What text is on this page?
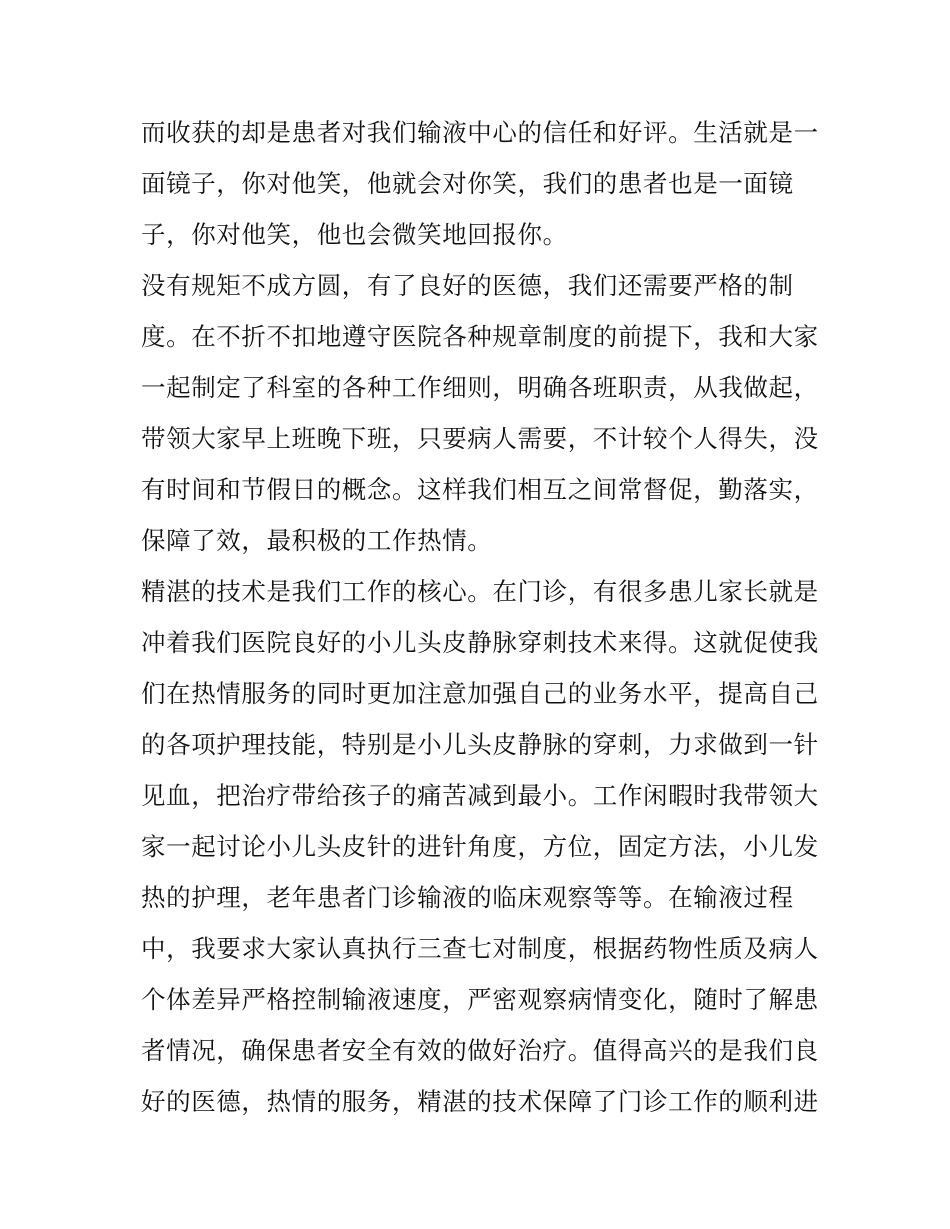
而收获的却是患者对我们输液中心的信任和好评。生活就是一
面镜子，你对他笑，他就会对你笑，我们的患者也是一面镜
子，你对他笑，他也会微笑地回报你。
没有规矩不成方圆，有了良好的医德，我们还需要严格的制
度。在不折不扣地遵守医院各种规章制度的前提下，我和大家
一起制定了科室的各种工作细则，明确各班职责，从我做起，
带领大家早上班晚下班，只要病人需要，不计较个人得失，没
有时间和节假日的概念。这样我们相互之间常督促，勤落实，
保障了效，最积极的工作热情。
精湛的技术是我们工作的核心。在门诊，有很多患儿家长就是
冲着我们医院良好的小儿头皮静脉穿刺技术来得。这就促使我
们在热情服务的同时更加注意加强自己的业务水平，提高自己
的各项护理技能，特别是小儿头皮静脉的穿刺，力求做到一针
见血，把治疗带给孩子的痛苦减到最小。工作闲暇时我带领大
家一起讨论小儿头皮针的进针角度，方位，固定方法，小儿发
热的护理，老年患者门诊输液的临床观察等等。在输液过程
中，我要求大家认真执行三查七对制度，根据药物性质及病人
个体差异严格控制输液速度，严密观察病情变化，随时了解患
者情况，确保患者安全有效的做好治疗。值得高兴的是我们良
好的医德，热情的服务，精湛的技术保障了门诊工作的顺利进
